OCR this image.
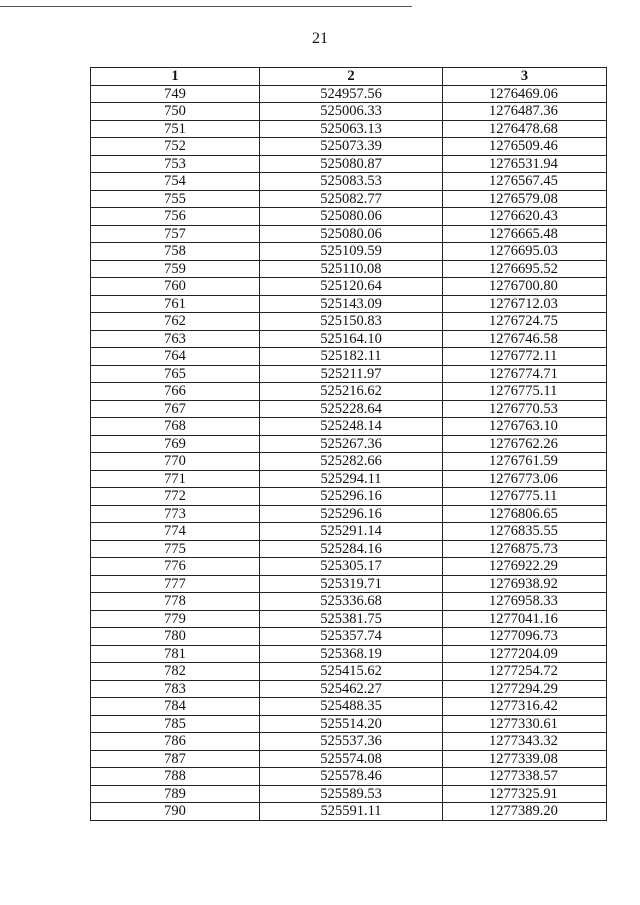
21
1	2	3
749	524957.56	1276469.06
750	525006.33	1276487.36
751	525063.13	1276478.68
752	525073.39	1276509.46
753	525080.87	1276531.94
754	525083.53	1276567.45
755	525082.77	1276579.08
756	525080.06	1276620.43
757	525080.06	1276665.48
758	525109.59	1276695.03
759	525110.08	1276695.52
760	525120.64	1276700.80
761	525143.09	1276712.03
762	525150.83	1276724.75
763	525164.10	1276746.58
764	525182.11	1276772.11
765	525211.97	1276774.71
766	525216.62	1276775.11
767	525228.64	1276770.53
768	525248.14	1276763.10
769	525267.36	1276762.26
770	525282.66	1276761.59
771	525294.11	1276773.06
772	525296.16	1276775.11
773	525296.16	1276806.65
774	525291.14	1276835.55
775	525284.16	1276875.73
776	525305.17	1276922.29
777	525319.71	1276938.92
778	525336.68	1276958.33
779	525381.75	1277041.16
780	525357.74	1277096.73
781	525368.19	1277204.09
782	525415.62	1277254.72
783	525462.27	1277294.29
784	525488.35	1277316.42
785	525514.20	1277330.61
786	525537.36	1277343.32
787	525574.08	1277339.08
788	525578.46	1277338.57
789	525589.53	1277325.91
790	525591.11	1277389.20
